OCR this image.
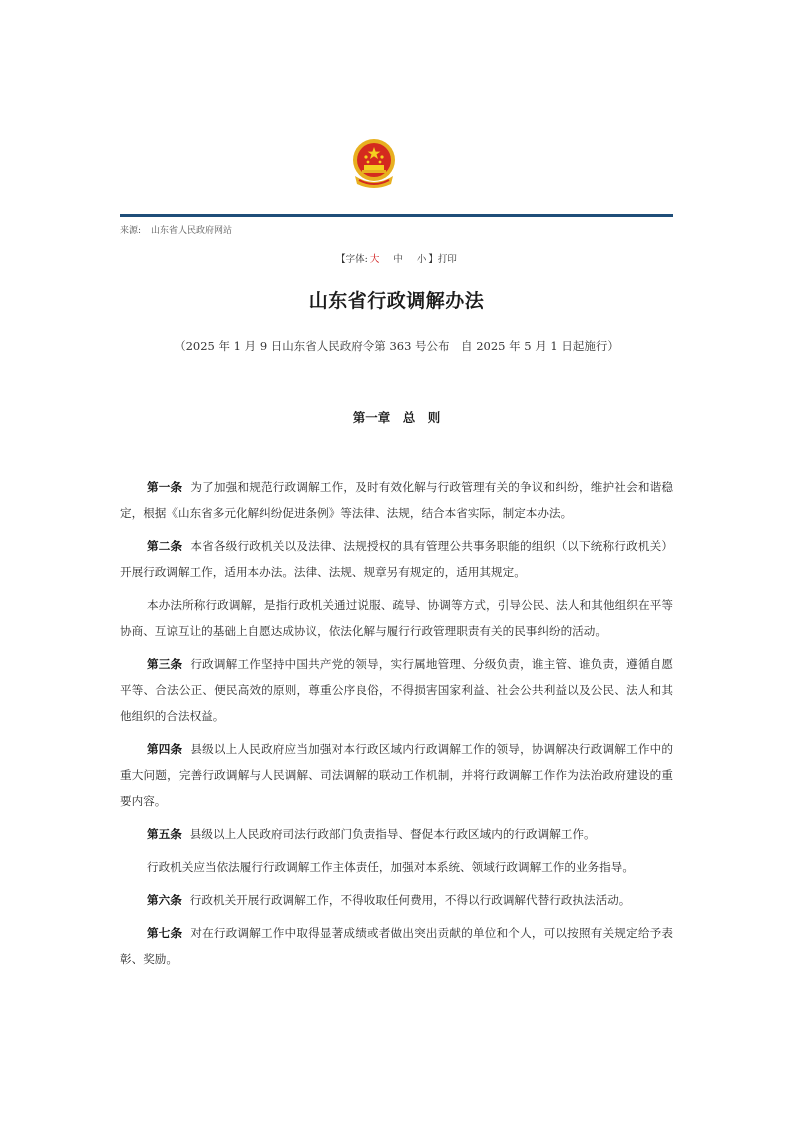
来源: 山东省人民政府网站
【字体: 大 中 小 】打印
山东省行政调解办法
（2025 年 1 月 9 日山东省人民政府令第 363 号公布　自 2025 年 5 月 1 日起施行）
第一章　总　则

第一条 为了加强和规范行政调解工作，及时有效化解与行政管理有关的争议和纠纷，维护社会和谐稳定，根据《山东省多元化解纠纷促进条例》等法律、法规，结合本省实际，制定本办法。

第二条 本省各级行政机关以及法律、法规授权的具有管理公共事务职能的组织（以下统称行政机关）开展行政调解工作，适用本办法。法律、法规、规章另有规定的，适用其规定。

本办法所称行政调解，是指行政机关通过说服、疏导、协调等方式，引导公民、法人和其他组织在平等协商、互谅互让的基础上自愿达成协议，依法化解与履行行政管理职责有关的民事纠纷的活动。

第三条 行政调解工作坚持中国共产党的领导，实行属地管理、分级负责，谁主管、谁负责，遵循自愿平等、合法公正、便民高效的原则，尊重公序良俗，不得损害国家利益、社会公共利益以及公民、法人和其他组织的合法权益。

第四条 县级以上人民政府应当加强对本行政区域内行政调解工作的领导，协调解决行政调解工作中的重大问题，完善行政调解与人民调解、司法调解的联动工作机制，并将行政调解工作作为法治政府建设的重要内容。

第五条 县级以上人民政府司法行政部门负责指导、督促本行政区域内的行政调解工作。

行政机关应当依法履行行政调解工作主体责任，加强对本系统、领域行政调解工作的业务指导。

第六条 行政机关开展行政调解工作，不得收取任何费用，不得以行政调解代替行政执法活动。

第七条 对在行政调解工作中取得显著成绩或者做出突出贡献的单位和个人，可以按照有关规定给予表彰、奖励。
